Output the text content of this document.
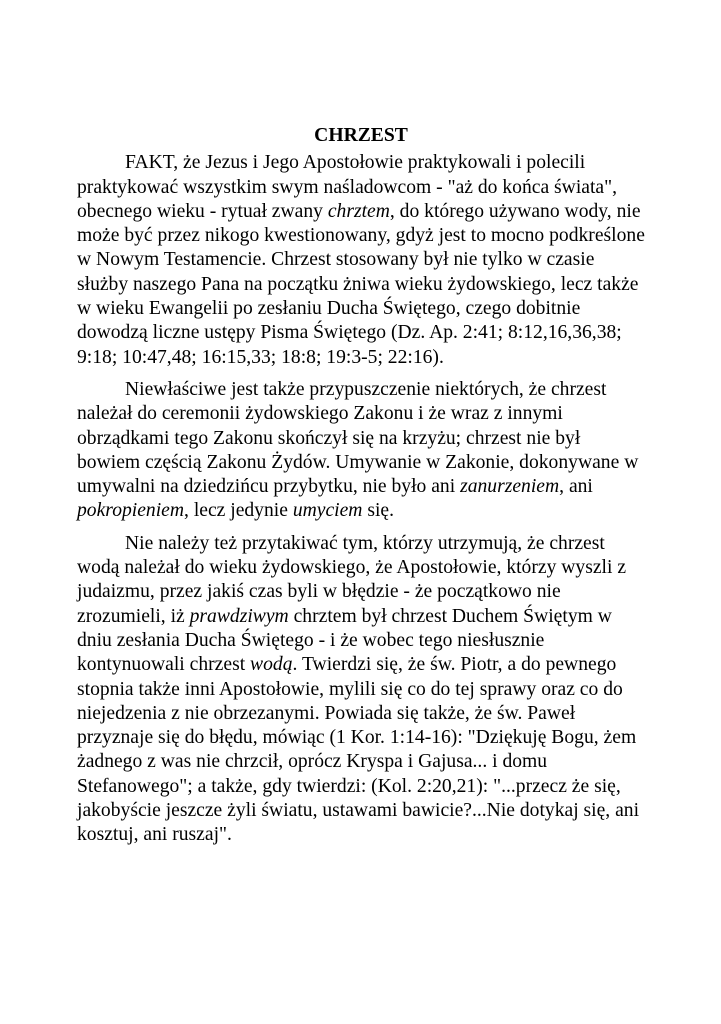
CHRZEST

FAKT, że Jezus i Jego Apostołowie praktykowali i polecili praktykować wszystkim swym naśladowcom - "aż do końca świata", obecnego wieku - rytuał zwany chrztem, do którego używano wody, nie może być przez nikogo kwestionowany, gdyż jest to mocno podkreślone w Nowym Testamencie. Chrzest stosowany był nie tylko w czasie służby naszego Pana na początku żniwa wieku żydowskiego, lecz także w wieku Ewangelii po zesłaniu Ducha Świętego, czego dobitnie dowodzą liczne ustępy Pisma Świętego (Dz. Ap. 2:41; 8:12,16,36,38; 9:18; 10:47,48; 16:15,33; 18:8; 19:3-5; 22:16).

Niewłaściwe jest także przypuszczenie niektórych, że chrzest należał do ceremonii żydowskiego Zakonu i że wraz z innymi obrządkami tego Zakonu skończył się na krzyżu; chrzest nie był bowiem częścią Zakonu Żydów. Umywanie w Zakonie, dokonywane w umywalni na dziedzińcu przybytku, nie było ani zanurzeniem, ani pokropieniem, lecz jedynie umyciem się.

Nie należy też przytakiwać tym, którzy utrzymują, że chrzest wodą należał do wieku żydowskiego, że Apostołowie, którzy wyszli z judaizmu, przez jakiś czas byli w błędzie - że początkowo nie zrozumieli, iż prawdziwym chrztem był chrzest Duchem Świętym w dniu zesłania Ducha Świętego - i że wobec tego niesłusznie kontynuowali chrzest wodą. Twierdzi się, że św. Piotr, a do pewnego stopnia także inni Apostołowie, mylili się co do tej sprawy oraz co do niejedzenia z nie obrzezanymi. Powiada się także, że św. Paweł przyznaje się do błędu, mówiąc (1 Kor. 1:14-16): "Dziękuję Bogu, żem żadnego z was nie chrzcił, oprócz Kryspa i Gajusa... i domu Stefanowego"; a także, gdy twierdzi: (Kol. 2:20,21): "...przecz że się, jakobyście jeszcze żyli światu, ustawami bawicie?...Nie dotykaj się, ani kosztuj, ani ruszaj".
